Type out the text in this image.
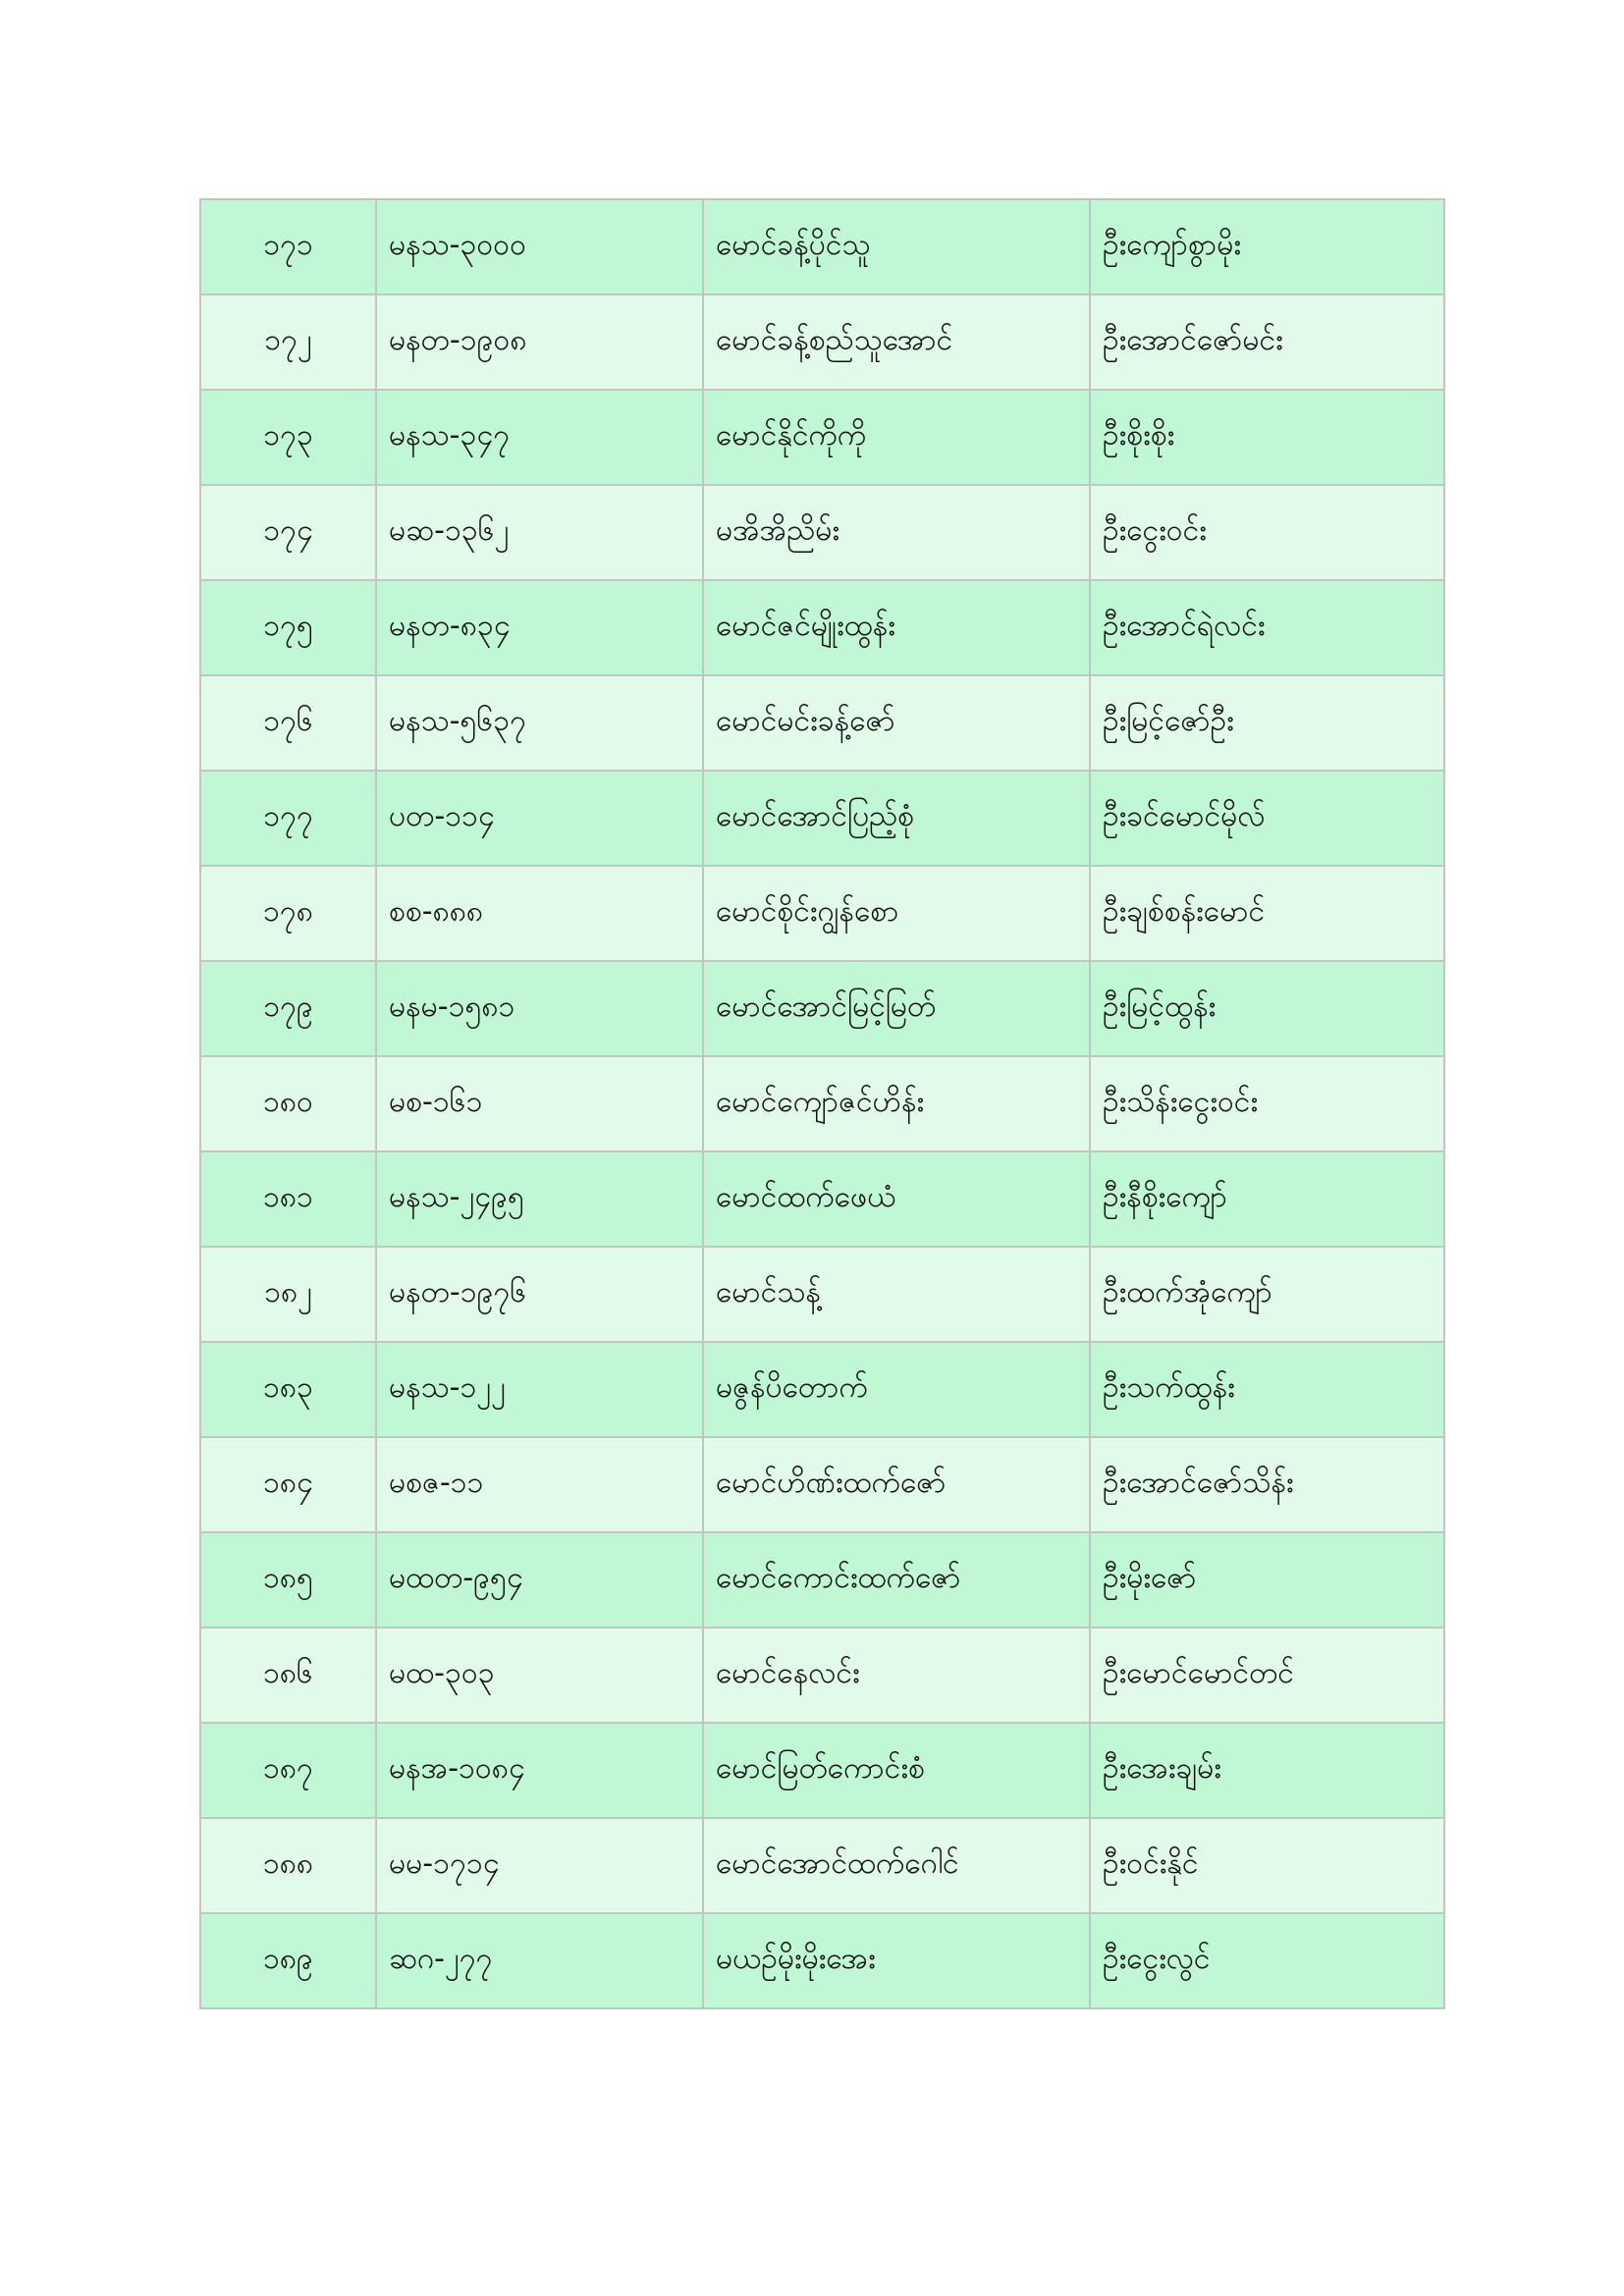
၁၇၁	မနသ-၃၀၀၀	မောင်ခန့်ပိုင်သူ	ဦးကျော်စွာမိုး
၁၇၂	မနတ-၁၉၀၈	မောင်ခန့်စည်သူအောင်	ဦးအောင်ဇော်မင်း
၁၇၃	မနသ-၃၄၇	မောင်နိုင်ကိုကို	ဦးစိုးစိုး
၁၇၄	မဆ-၁၃၆၂	မအိအိညိမ်း	ဦးငွေးဝင်း
၁၇၅	မနတ-၈၃၄	မောင်ဇင်မျိုးထွန်း	ဦးအောင်ရဲလင်း
၁၇၆	မနသ-၅၆၃၇	မောင်မင်းခန့်ဇော်	ဦးမြင့်ဇော်ဦး
၁၇၇	ပတ-၁၁၄	မောင်အောင်ပြည့်စုံ	ဦးခင်မောင်မိုလ်
၁၇၈	စစ-၈၈၈	မောင်စိုင်းဂျွန်စော	ဦးချစ်စန်းမောင်
၁၇၉	မနမ-၁၅၈၁	မောင်အောင်မြင့်မြတ်	ဦးမြင့်ထွန်း
၁၈၀	မစ-၁၆၁	မောင်ကျော်ဇင်ဟိန်း	ဦးသိန်းငွေးဝင်း
၁၈၁	မနသ-၂၄၉၅	မောင်ထက်ဖေယံ	ဦးနီစိုးကျော်
၁၈၂	မနတ-၁၉၇၆	မောင်သန့်	ဦးထက်အုံကျော်
၁၈၃	မနသ-၁၂၂	မဇွန်ပိတောက်	ဦးသက်ထွန်း
၁၈၄	မစဇ-၁၁	မောင်ဟိဏ်းထက်ဇော်	ဦးအောင်ဇော်သိန်း
၁၈၅	မထတ-၉၅၄	မောင်ကောင်းထက်ဇော်	ဦးမိုးဇော်
၁၈၆	မထ-၃၀၃	မောင်နေလင်း	ဦးမောင်မောင်တင်
၁၈၇	မနအ-၁၀၈၄	မောင်မြတ်ကောင်းစံ	ဦးအေးချမ်း
၁၈၈	မမ-၁၇၁၄	မောင်အောင်ထက်ဂေါင်	ဦးဝင်းနိုင်
၁၈၉	ဆဂ-၂၇၇	မယဉ်မိုးမိုးအေး	ဦးငွေးလွင်
